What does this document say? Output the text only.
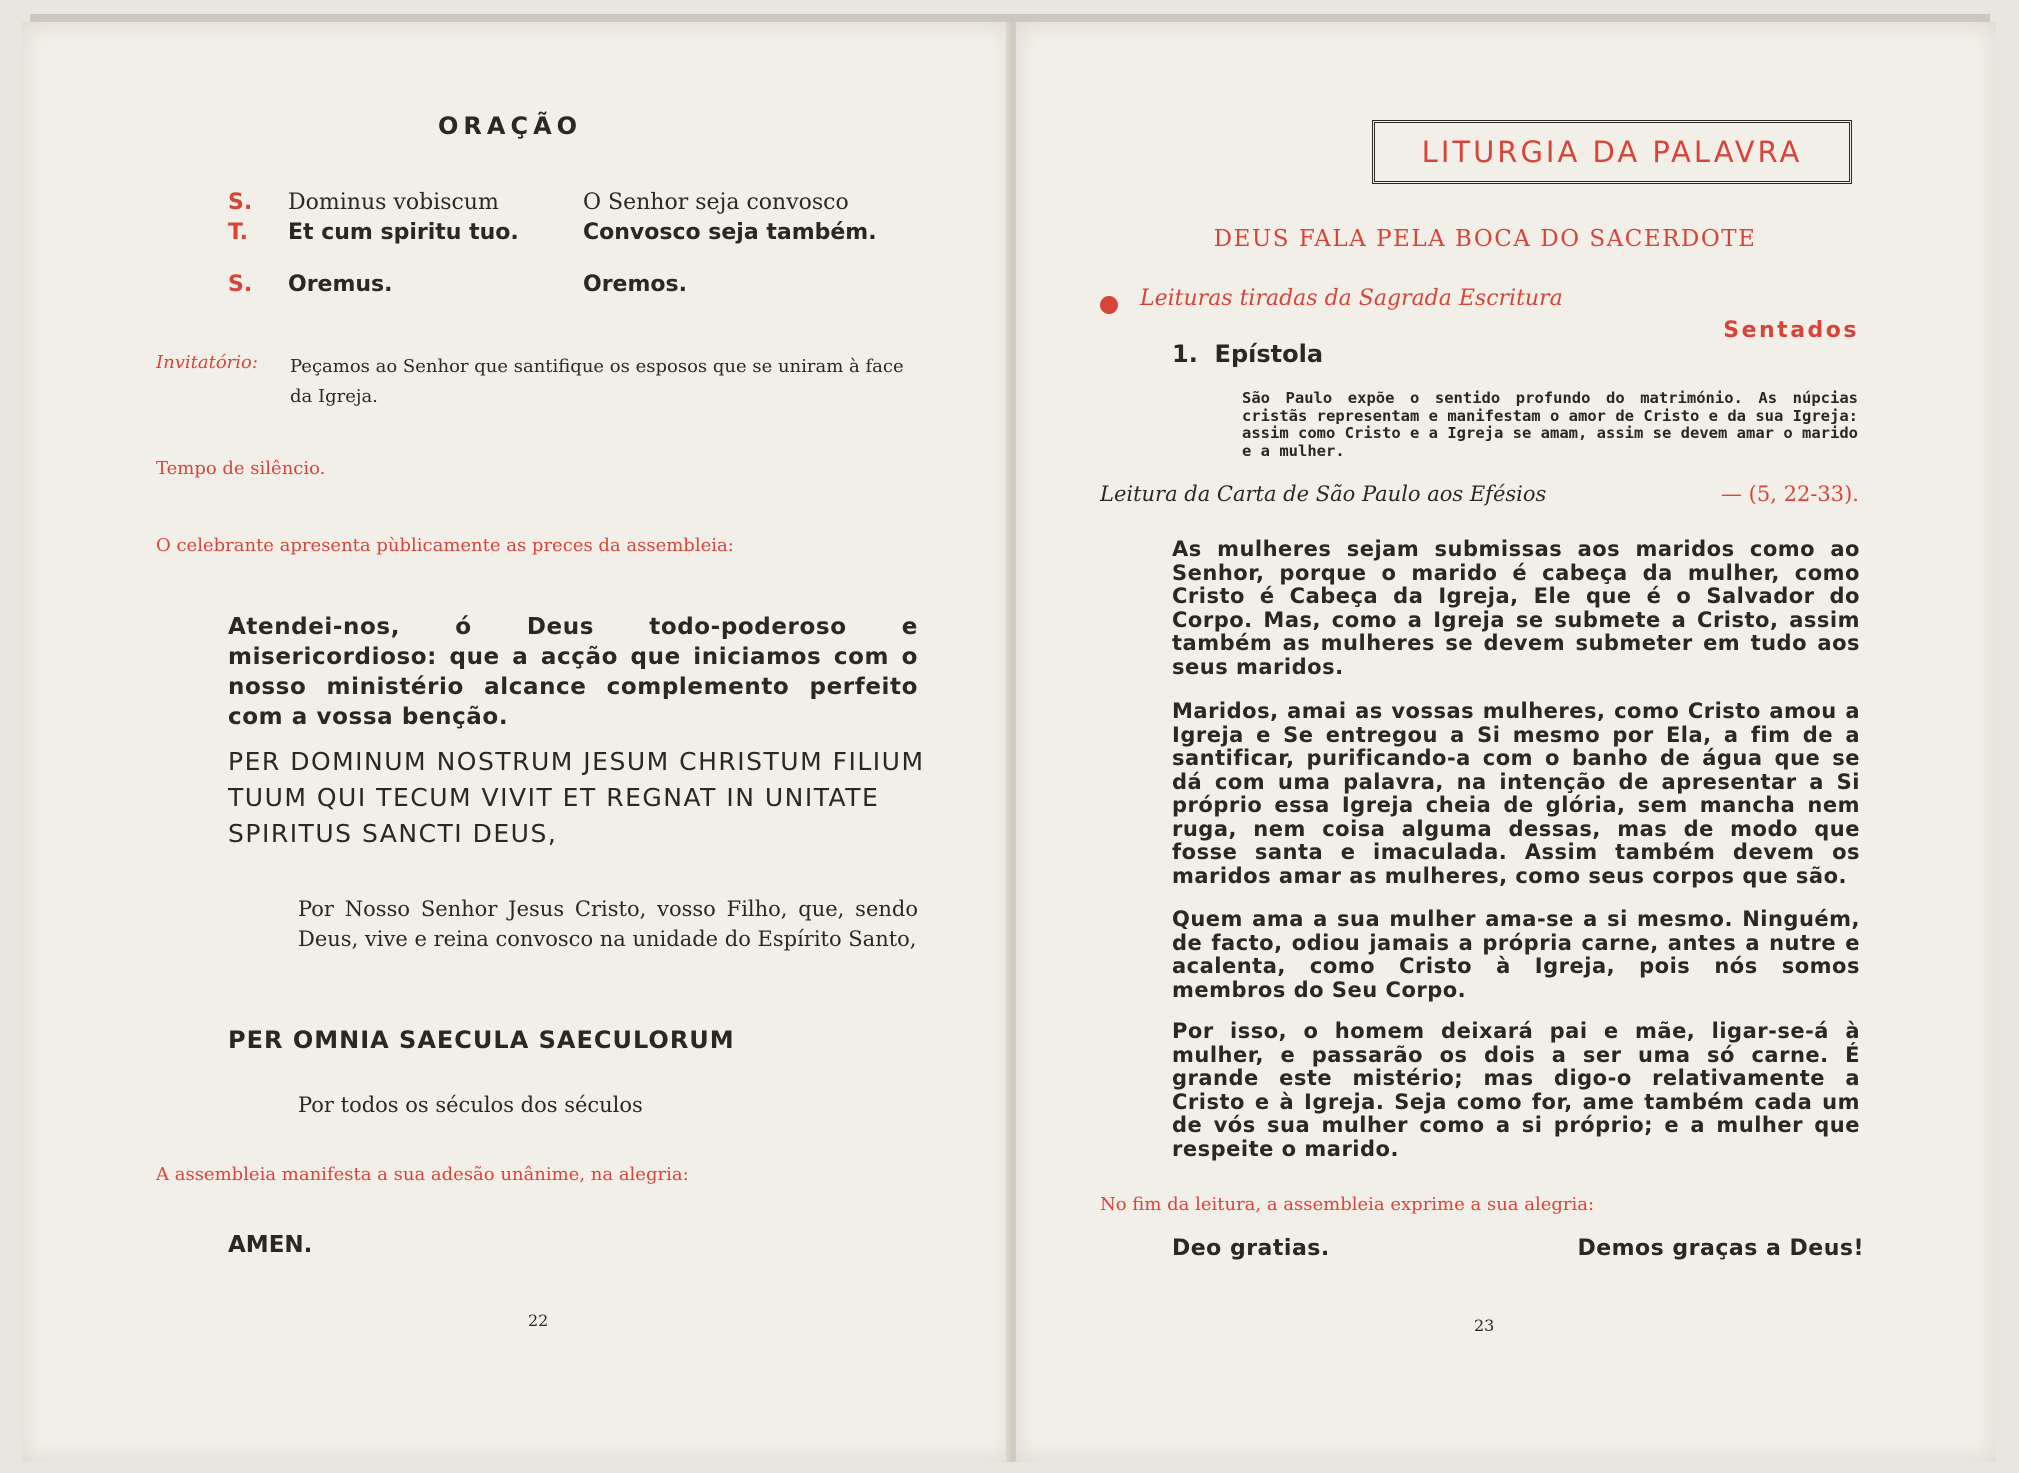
ORAÇÃO
S.	Dominus vobiscum	O Senhor seja convosco
T.	Et cum spiritu tuo.	Convosco seja também.
S.	Oremus.	Oremos.
Invitatório: Peçamos ao Senhor que santifique os esposos que se uniram à face da Igreja.
Tempo de silêncio.
O celebrante apresenta pùblicamente as preces da assembleia:
Atendei-nos, ó Deus todo-poderoso e misericordioso: que a acção que iniciamos com o nosso ministério alcance complemento perfeito com a vossa benção.
PER DOMINUM NOSTRUM JESUM CHRISTUM FILIUM TUUM QUI TECUM VIVIT ET REGNAT IN UNITATE SPIRITUS SANCTI DEUS,
Por Nosso Senhor Jesus Cristo, vosso Filho, que, sendo Deus, vive e reina convosco na unidade do Espírito Santo,
PER OMNIA SAECULA SAECULORUM
Por todos os séculos dos séculos
A assembleia manifesta a sua adesão unânime, na alegria:
AMEN.
22
LITURGIA DA PALAVRA
DEUS FALA PELA BOCA DO SACERDOTE
Leituras tiradas da Sagrada Escritura
Sentados
1. Epístola
São Paulo expõe o sentido profundo do matrimónio. As núpcias cristãs representam e manifestam o amor de Cristo e da sua Igreja: assim como Cristo e a Igreja se amam, assim se devem amar o marido e a mulher.
Leitura da Carta de São Paulo aos Efésios	— (5, 22-33).
As mulheres sejam submissas aos maridos como ao Senhor, porque o marido é cabeça da mulher, como Cristo é Cabeça da Igreja, Ele que é o Salvador do Corpo. Mas, como a Igreja se submete a Cristo, assim também as mulheres se devem submeter em tudo aos seus maridos.
Maridos, amai as vossas mulheres, como Cristo amou a Igreja e Se entregou a Si mesmo por Ela, a fim de a santificar, purificando-a com o banho de água que se dá com uma palavra, na intenção de apresentar a Si próprio essa Igreja cheia de glória, sem mancha nem ruga, nem coisa alguma dessas, mas de modo que fosse santa e imaculada. Assim também devem os maridos amar as mulheres, como seus corpos que são.
Quem ama a sua mulher ama-se a si mesmo. Ninguém, de facto, odiou jamais a própria carne, antes a nutre e acalenta, como Cristo à Igreja, pois nós somos membros do Seu Corpo.
Por isso, o homem deixará pai e mãe, ligar-se-á à mulher, e passarão os dois a ser uma só carne. É grande este mistério; mas digo-o relativamente a Cristo e à Igreja. Seja como for, ame também cada um de vós sua mulher como a si próprio; e a mulher que respeite o marido.
No fim da leitura, a assembleia exprime a sua alegria:
Deo gratias.	Demos graças a Deus!
23
